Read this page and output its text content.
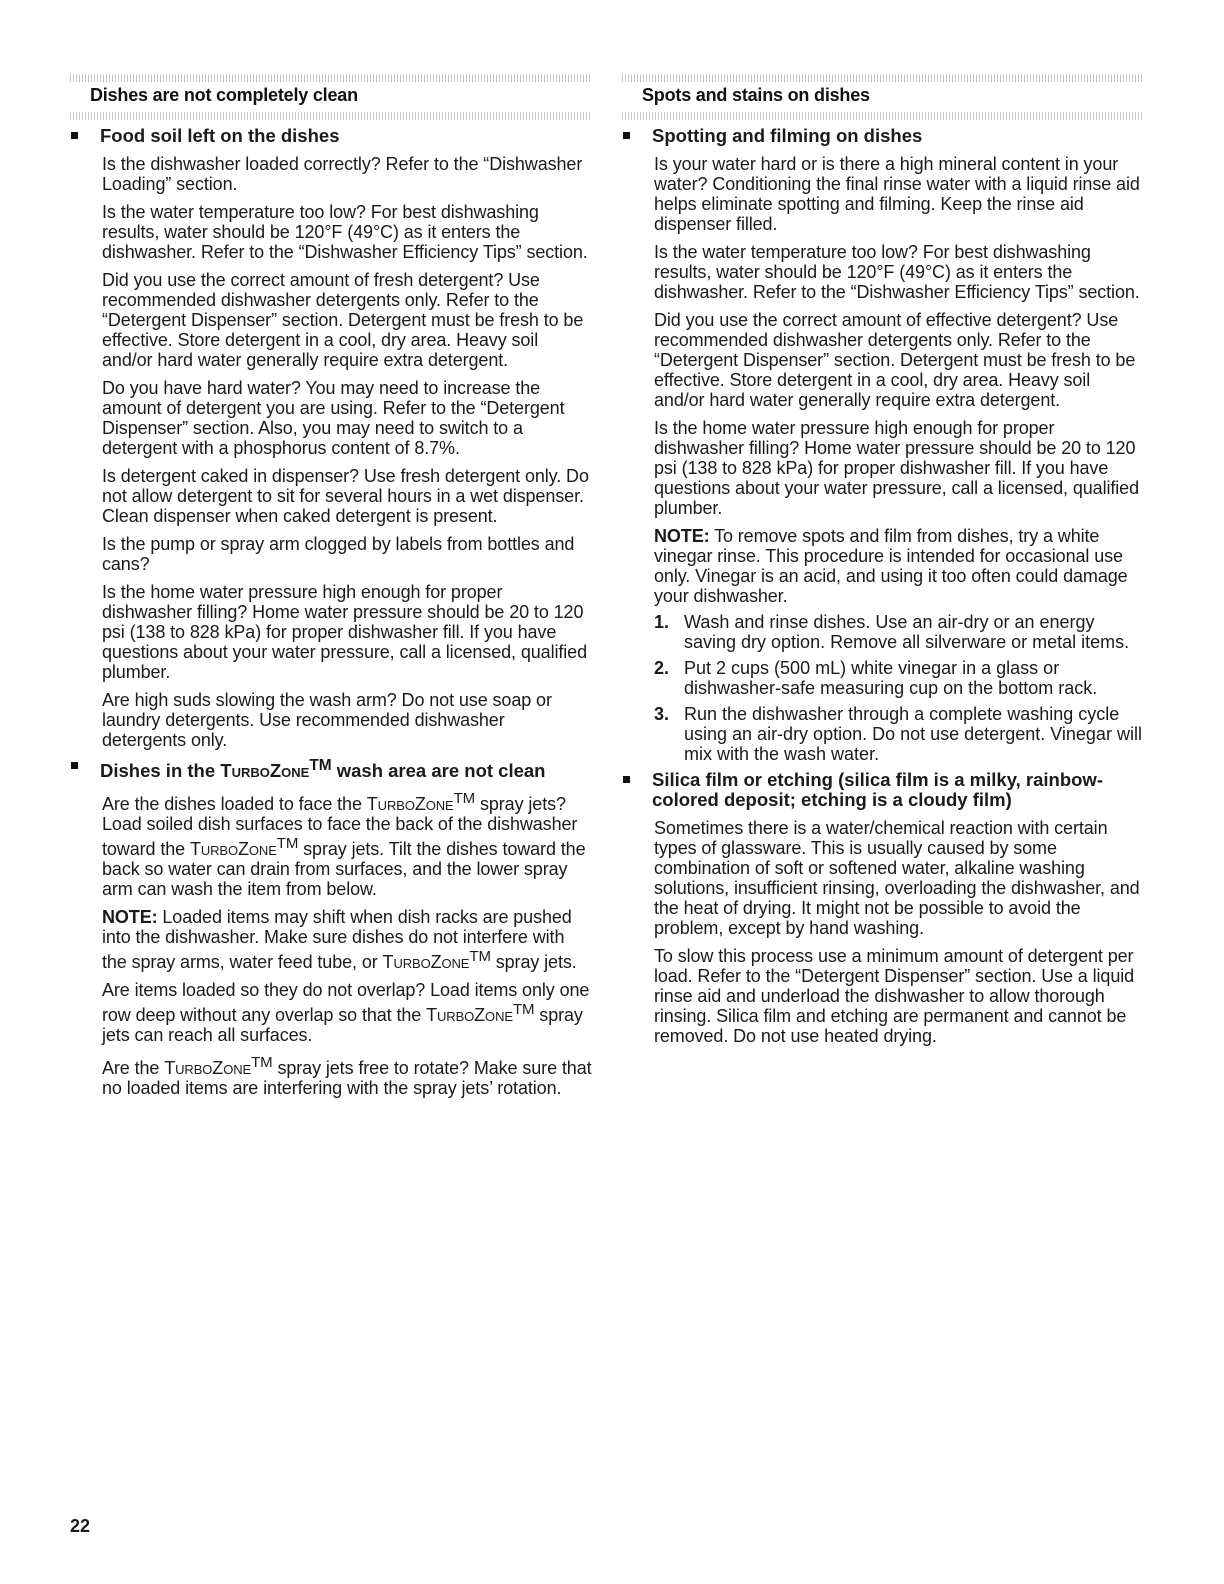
Dishes are not completely clean
Food soil left on the dishes

Is the dishwasher loaded correctly? Refer to the “Dishwasher Loading” section.

Is the water temperature too low? For best dishwashing results, water should be 120°F (49°C) as it enters the dishwasher. Refer to the “Dishwasher Efficiency Tips” section.

Did you use the correct amount of fresh detergent? Use recommended dishwasher detergents only. Refer to the “Detergent Dispenser” section. Detergent must be fresh to be effective. Store detergent in a cool, dry area. Heavy soil and/or hard water generally require extra detergent.

Do you have hard water? You may need to increase the amount of detergent you are using. Refer to the “Detergent Dispenser” section. Also, you may need to switch to a detergent with a phosphorus content of 8.7%.

Is detergent caked in dispenser? Use fresh detergent only. Do not allow detergent to sit for several hours in a wet dispenser. Clean dispenser when caked detergent is present.

Is the pump or spray arm clogged by labels from bottles and cans?

Is the home water pressure high enough for proper dishwasher filling? Home water pressure should be 20 to 120 psi (138 to 828 kPa) for proper dishwasher fill. If you have questions about your water pressure, call a licensed, qualified plumber.

Are high suds slowing the wash arm? Do not use soap or laundry detergents. Use recommended dishwasher detergents only.

Dishes in the TurboZone™ wash area are not clean

Are the dishes loaded to face the TurboZone™ spray jets? Load soiled dish surfaces to face the back of the dishwasher toward the TurboZone™ spray jets. Tilt the dishes toward the back so water can drain from surfaces, and the lower spray arm can wash the item from below.

NOTE: Loaded items may shift when dish racks are pushed into the dishwasher. Make sure dishes do not interfere with the spray arms, water feed tube, or TurboZone™ spray jets.

Are items loaded so they do not overlap? Load items only one row deep without any overlap so that the TurboZone™ spray jets can reach all surfaces.

Are the TurboZone™ spray jets free to rotate? Make sure that no loaded items are interfering with the spray jets’ rotation.

Spots and stains on dishes
Spotting and filming on dishes

Is your water hard or is there a high mineral content in your water? Conditioning the final rinse water with a liquid rinse aid helps eliminate spotting and filming. Keep the rinse aid dispenser filled.

Is the water temperature too low? For best dishwashing results, water should be 120°F (49°C) as it enters the dishwasher. Refer to the “Dishwasher Efficiency Tips” section.

Did you use the correct amount of effective detergent? Use recommended dishwasher detergents only. Refer to the “Detergent Dispenser” section. Detergent must be fresh to be effective. Store detergent in a cool, dry area. Heavy soil and/or hard water generally require extra detergent.

Is the home water pressure high enough for proper dishwasher filling? Home water pressure should be 20 to 120 psi (138 to 828 kPa) for proper dishwasher fill. If you have questions about your water pressure, call a licensed, qualified plumber.

NOTE: To remove spots and film from dishes, try a white vinegar rinse. This procedure is intended for occasional use only. Vinegar is an acid, and using it too often could damage your dishwasher.

1. Wash and rinse dishes. Use an air-dry or an energy saving dry option. Remove all silverware or metal items.
2. Put 2 cups (500 mL) white vinegar in a glass or dishwasher-safe measuring cup on the bottom rack.
3. Run the dishwasher through a complete washing cycle using an air-dry option. Do not use detergent. Vinegar will mix with the wash water.
Silica film or etching (silica film is a milky, rainbow-colored deposit; etching is a cloudy film)

Sometimes there is a water/chemical reaction with certain types of glassware. This is usually caused by some combination of soft or softened water, alkaline washing solutions, insufficient rinsing, overloading the dishwasher, and the heat of drying. It might not be possible to avoid the problem, except by hand washing.

To slow this process use a minimum amount of detergent per load. Refer to the “Detergent Dispenser” section. Use a liquid rinse aid and underload the dishwasher to allow thorough rinsing. Silica film and etching are permanent and cannot be removed. Do not use heated drying.

22
